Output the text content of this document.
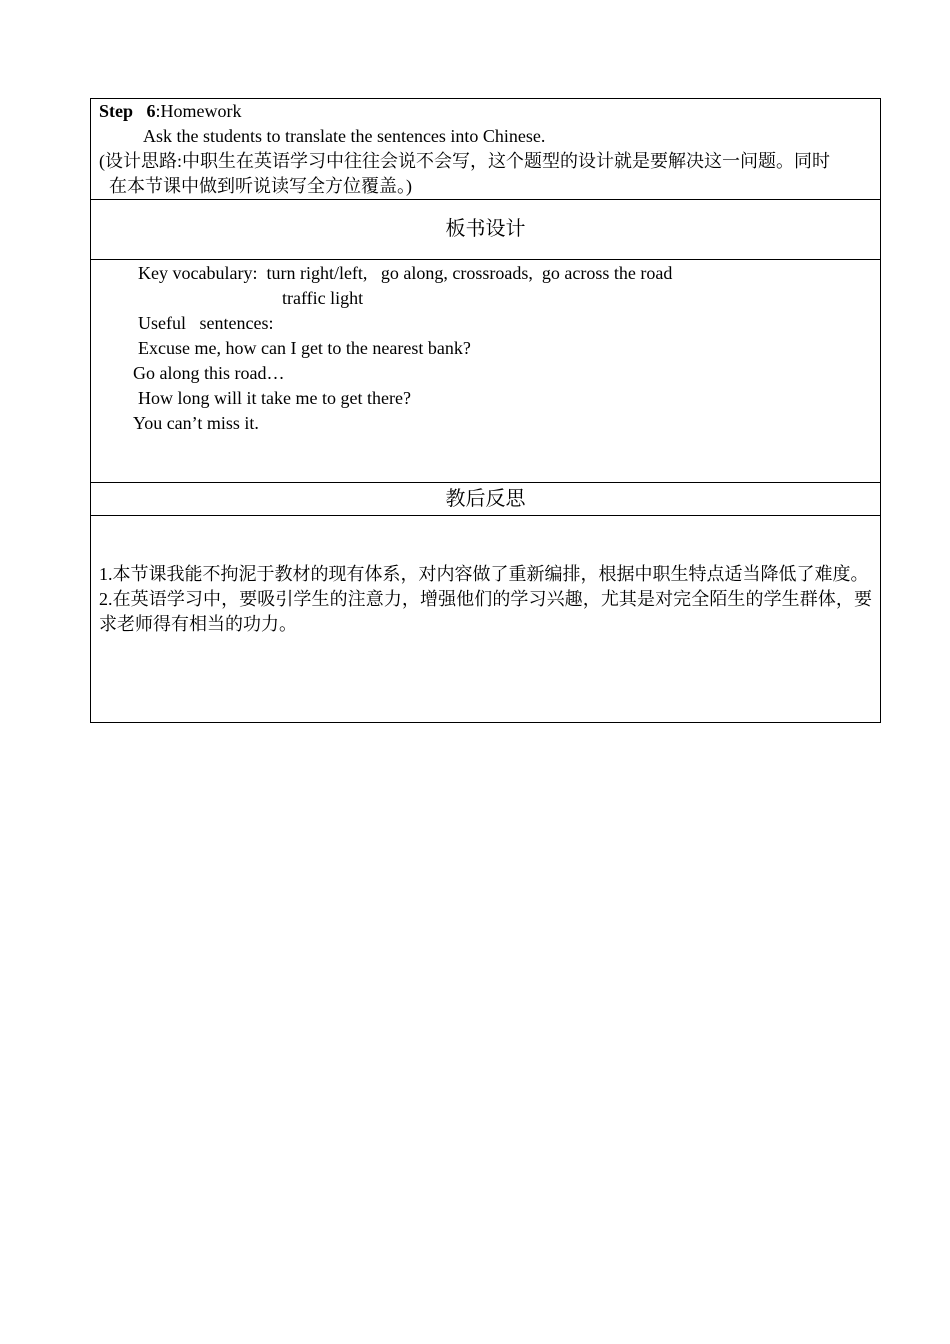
Step   6:Homework
Ask the students to translate the sentences into Chinese.
(设计思路:中职生在英语学习中往往会说不会写，这个题型的设计就是要解决这一问题。同时
在本节课中做到听说读写全方位覆盖。)

板书设计

Key vocabulary:  turn right/left,   go along, crossroads,  go across the road
traffic light
Useful   sentences:
Excuse me, how can I get to the nearest bank?
Go along this road…
How long will it take me to get there?
You can’t miss it.

教后反思

1.本节课我能不拘泥于教材的现有体系，对内容做了重新编排，根据中职生特点适当降低了难度。
2.在英语学习中，要吸引学生的注意力，增强他们的学习兴趣，尤其是对完全陌生的学生群体，要求老师得有相当的功力。
